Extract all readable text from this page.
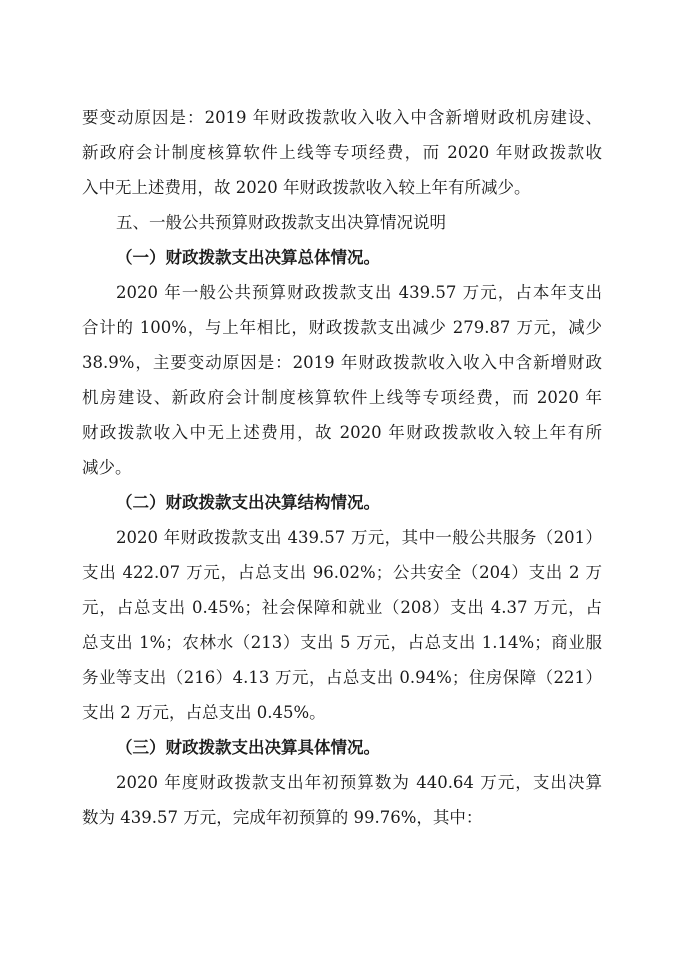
要变动原因是：2019 年财政拨款收入收入中含新增财政机房建设、
新政府会计制度核算软件上线等专项经费，而 2020 年财政拨款收
入中无上述费用，故 2020 年财政拨款收入较上年有所减少。
五、一般公共预算财政拨款支出决算情况说明
（一）财政拨款支出决算总体情况。
2020 年一般公共预算财政拨款支出 439.57 万元，占本年支出
合计的 100%，与上年相比，财政拨款支出减少 279.87 万元，减少
38.9%，主要变动原因是：2019 年财政拨款收入收入中含新增财政
机房建设、新政府会计制度核算软件上线等专项经费，而 2020 年
财政拨款收入中无上述费用，故 2020 年财政拨款收入较上年有所
减少。
（二）财政拨款支出决算结构情况。
2020 年财政拨款支出 439.57 万元，其中一般公共服务（201）
支出 422.07 万元，占总支出 96.02%；公共安全（204）支出 2 万
元，占总支出 0.45%；社会保障和就业（208）支出 4.37 万元，占
总支出 1%；农林水（213）支出 5 万元，占总支出 1.14%；商业服
务业等支出（216）4.13 万元，占总支出 0.94%；住房保障（221）
支出 2 万元，占总支出 0.45%。
（三）财政拨款支出决算具体情况。
2020 年度财政拨款支出年初预算数为 440.64 万元，支出决算
数为 439.57 万元，完成年初预算的 99.76%，其中：
